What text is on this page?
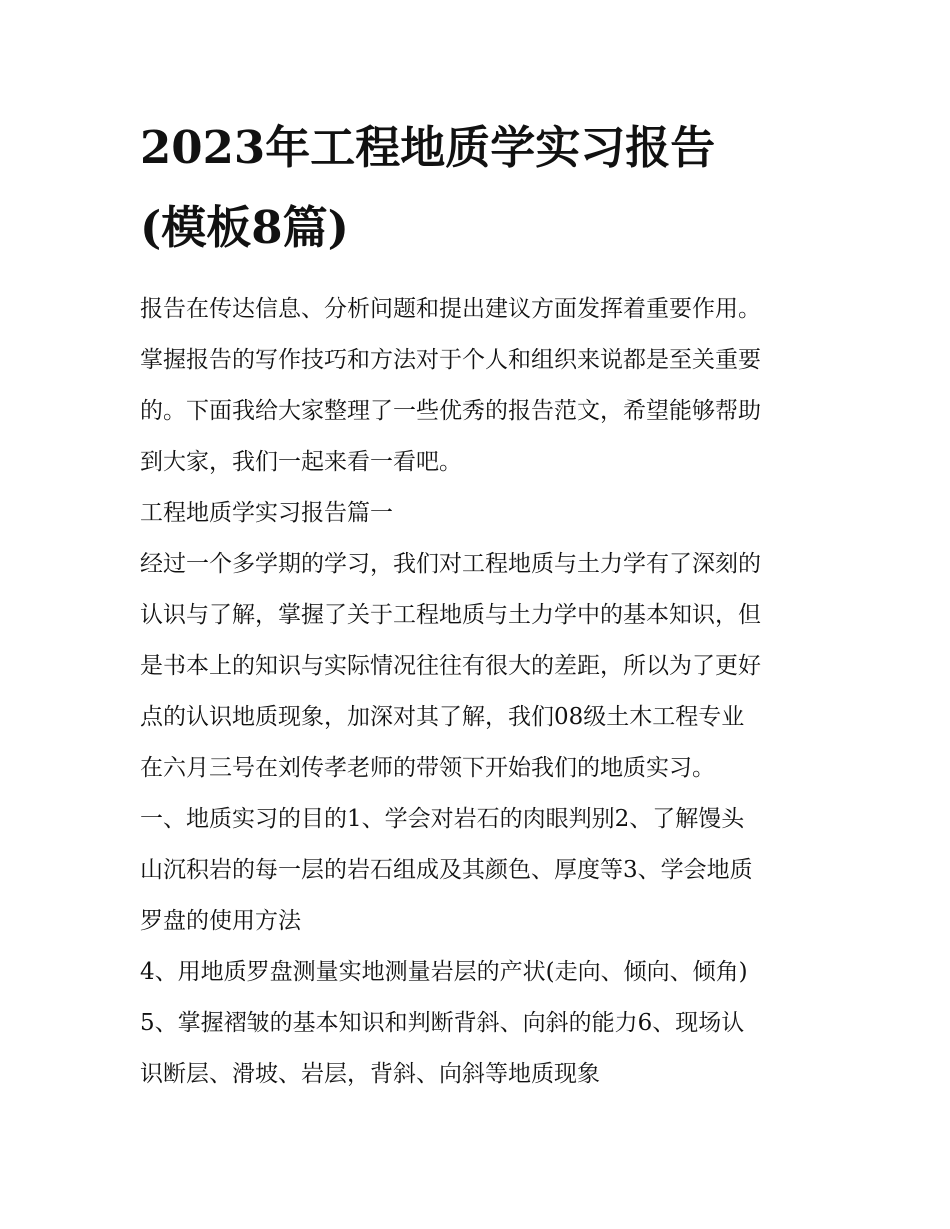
2023年工程地质学实习报告
(模板8篇)

报告在传达信息、分析问题和提出建议方面发挥着重要作用。

掌握报告的写作技巧和方法对于个人和组织来说都是至关重要

的。下面我给大家整理了一些优秀的报告范文，希望能够帮助

到大家，我们一起来看一看吧。

工程地质学实习报告篇一

经过一个多学期的学习，我们对工程地质与土力学有了深刻的

认识与了解，掌握了关于工程地质与土力学中的基本知识，但

是书本上的知识与实际情况往往有很大的差距，所以为了更好

点的认识地质现象，加深对其了解，我们08级土木工程专业

在六月三号在刘传孝老师的带领下开始我们的地质实习。

一、地质实习的目的1、学会对岩石的肉眼判别2、了解馒头

山沉积岩的每一层的岩石组成及其颜色、厚度等3、学会地质

罗盘的使用方法

4、用地质罗盘测量实地测量岩层的产状(走向、倾向、倾角)

5、掌握褶皱的基本知识和判断背斜、向斜的能力6、现场认

识断层、滑坡、岩层，背斜、向斜等地质现象
